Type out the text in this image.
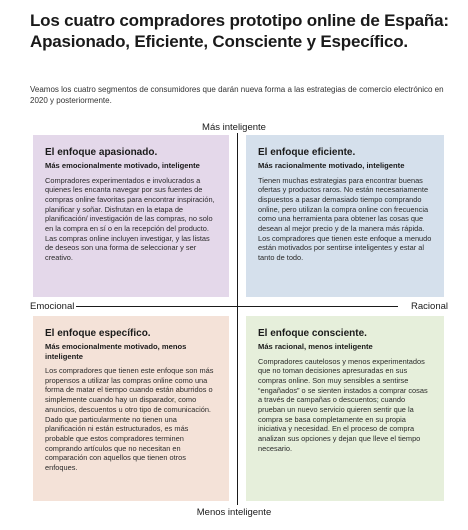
Los cuatro compradores prototipo online de España: Apasionado, Eficiente, Consciente y Específico.
Veamos los cuatro segmentos de consumidores que darán nueva forma a las estrategias de comercio electrónico en 2020 y posteriormente.
Más inteligente
El enfoque apasionado.
Más emocionalmente motivado, inteligente
Compradores experimentados e involucrados a quienes les encanta navegar por sus fuentes de compras online favoritas para encontrar inspiración, planificar y soñar. Disfrutan en la etapa de planificación/ investigación de las compras, no solo en la compra en sí o en la recepción del producto. Las compras online incluyen investigar, y las listas de deseos son una forma de seleccionar y ser creativo.
El enfoque eficiente.
Más racionalmente motivado, inteligente
Tienen muchas estrategias para encontrar buenas ofertas y productos raros. No están necesariamente dispuestos a pasar demasiado tiempo comprando online, pero utilizan la compra online con frecuencia como una herramienta para obtener las cosas que desean al mejor precio y de la manera más rápida. Los compradores que tienen este enfoque a menudo están motivados por sentirse inteligentes y estar al tanto de todo.
El enfoque específico.
Más emocionalmente motivado, menos inteligente
Los compradores que tienen este enfoque son más propensos a utilizar las compras online como una forma de matar el tiempo cuando están aburridos o simplemente cuando hay un disparador, como anuncios, descuentos u otro tipo de comunicación. Dado que particularmente no tienen una planificación ni están estructurados, es más probable que estos compradores terminen comprando artículos que no necesitan en comparación con aquellos que tienen otros enfoques.
El enfoque consciente.
Más racional, menos inteligente
Compradores cautelosos y menos experimentados que no toman decisiones apresuradas en sus compras online. Son muy sensibles a sentirse “engañados” o se sienten instados a comprar cosas a través de campañas o descuentos; cuando prueban un nuevo servicio quieren sentir que la compra se basa completamente en su propia iniciativa y necesidad. En el proceso de compra analizan sus opciones y dejan que lleve el tiempo necesario.
Emocional	Racional
Menos inteligente
